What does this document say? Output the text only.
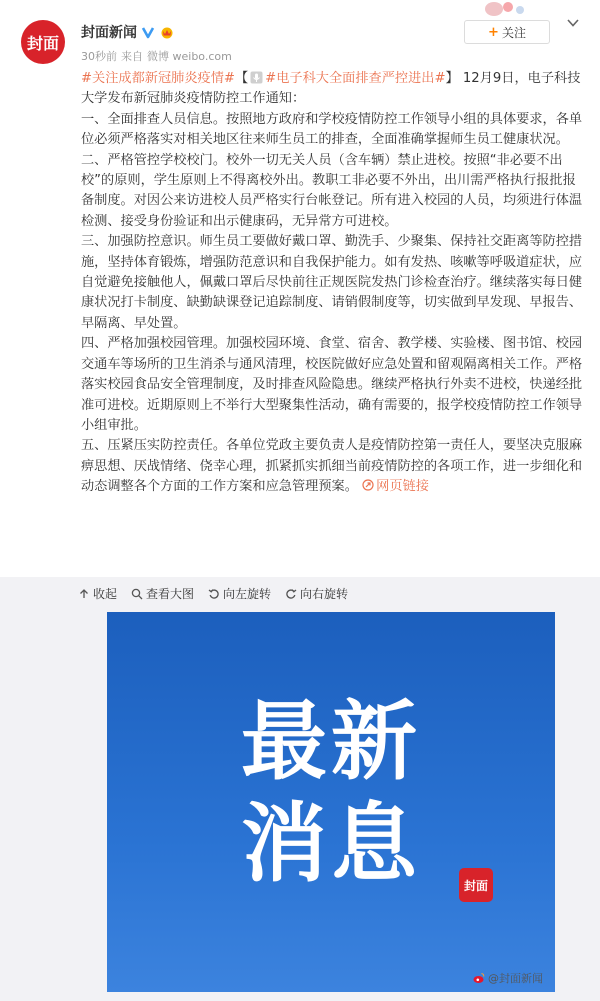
封面
封面新闻
30秒前 来自 微博 weibo.com
+ 关注

#关注成都新冠肺炎疫情#【 #电子科大全面排查严控进出#】 12月9日，电子科技大学发布新冠肺炎疫情防控工作通知：

一、全面排查人员信息。按照地方政府和学校疫情防控工作领导小组的具体要求，各单位必须严格落实对相关地区往来师生员工的排查，全面准确掌握师生员工健康状况。

二、严格管控学校校门。校外一切无关人员（含车辆）禁止进校。按照“非必要不出校”的原则，学生原则上不得离校外出。教职工非必要不外出，出川需严格执行报批报备制度。对因公来访进校人员严格实行台帐登记。所有进入校园的人员，均须进行体温检测、接受身份验证和出示健康码，无异常方可进校。

三、加强防控意识。师生员工要做好戴口罩、勤洗手、少聚集、保持社交距离等防控措施，坚持体育锻炼，增强防范意识和自我保护能力。如有发热、咳嗽等呼吸道症状，应自觉避免接触他人，佩戴口罩后尽快前往正规医院发热门诊检查治疗。继续落实每日健康状况打卡制度、缺勤缺课登记追踪制度、请销假制度等，切实做到早发现、早报告、早隔离、早处置。

四、严格加强校园管理。加强校园环境、食堂、宿舍、教学楼、实验楼、图书馆、校园交通车等场所的卫生消杀与通风清理，校医院做好应急处置和留观隔离相关工作。严格落实校园食品安全管理制度，及时排查风险隐患。继续严格执行外卖不进校，快递经批准可进校。近期原则上不举行大型聚集性活动，确有需要的，报学校疫情防控工作领导小组审批。

五、压紧压实防控责任。各单位党政主要负责人是疫情防控第一责任人，要坚决克服麻痹思想、厌战情绪、侥幸心理，抓紧抓实抓细当前疫情防控的各项工作，进一步细化和动态调整各个方面的工作方案和应急管理预案。 网页链接

收起 查看大图 向左旋转 向右旋转
最新
消息	封面
@封面新闻
